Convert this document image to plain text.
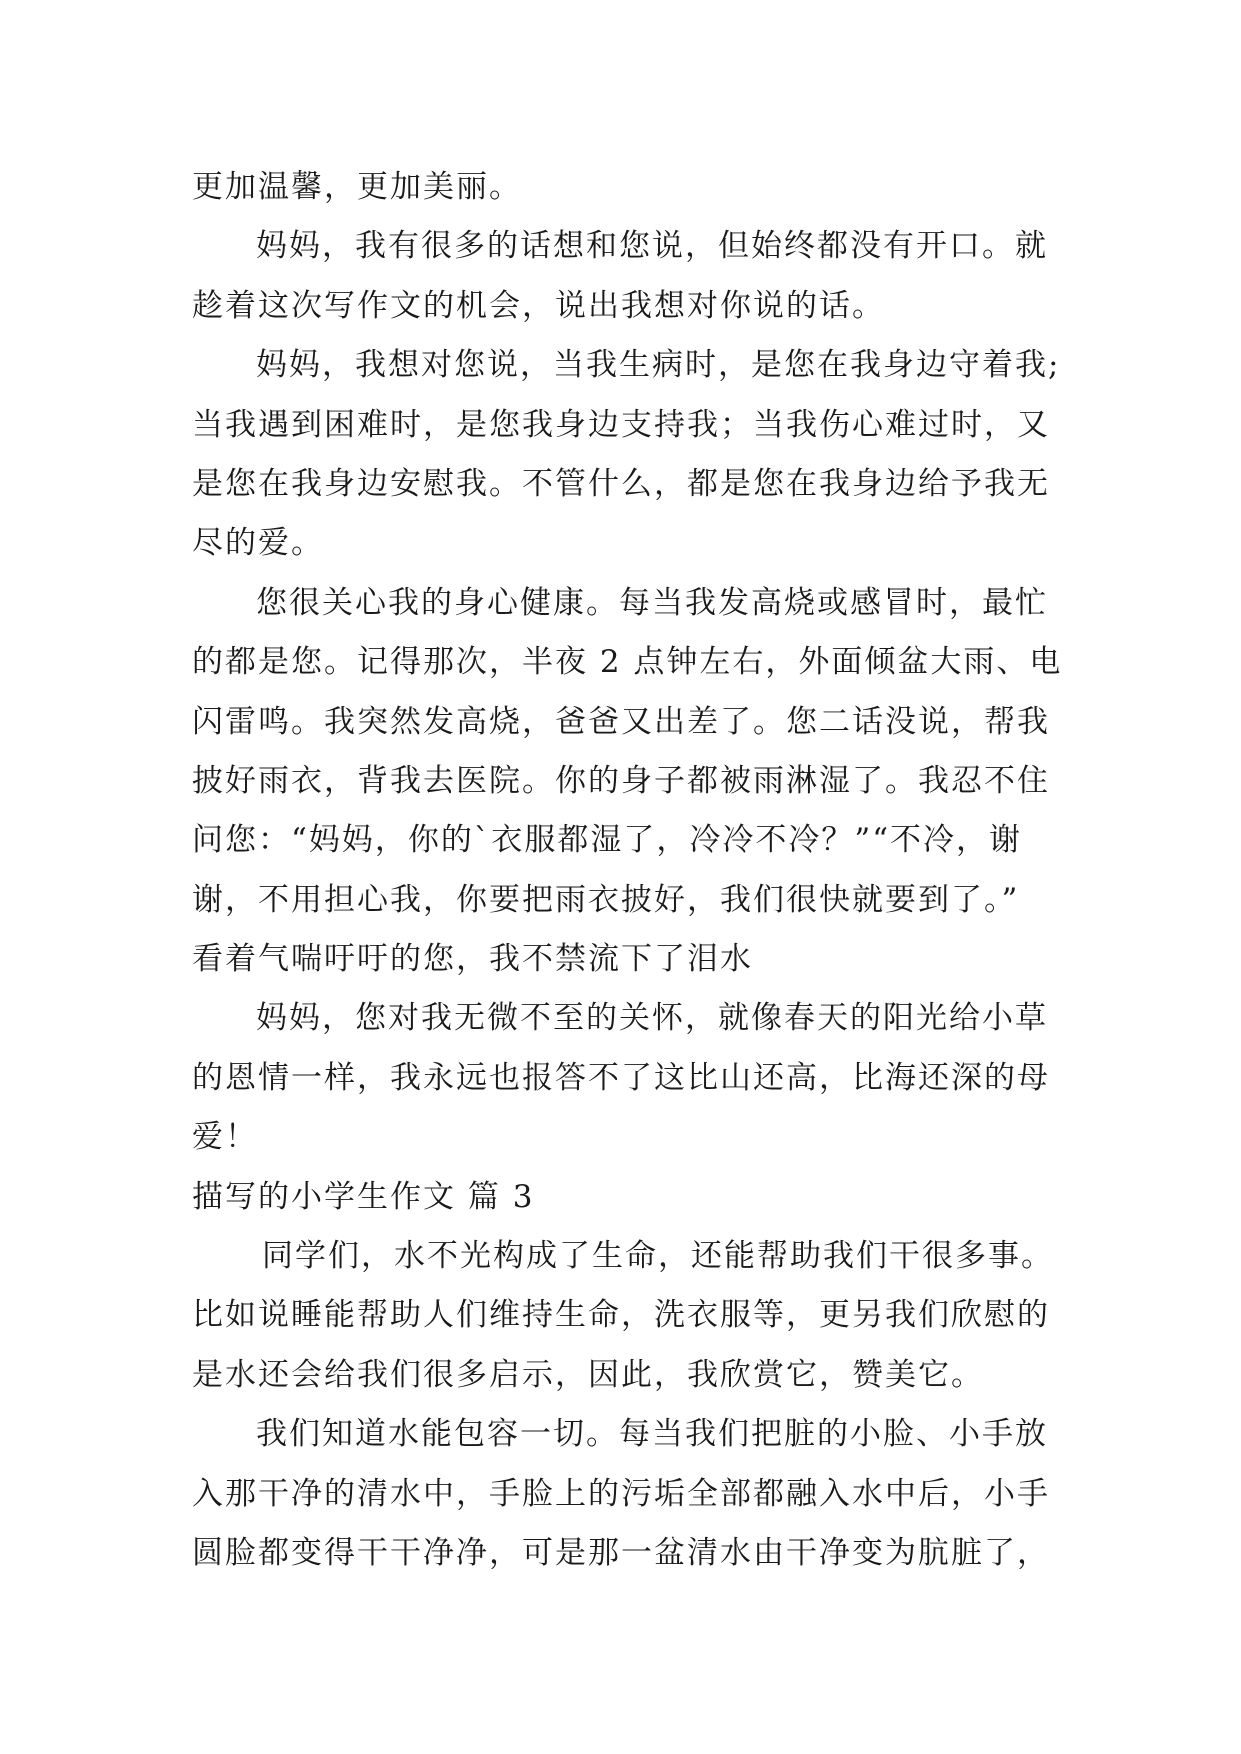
更加温馨，更加美丽。
妈妈，我有很多的话想和您说，但始终都没有开口。就
趁着这次写作文的机会，说出我想对你说的话。
妈妈，我想对您说，当我生病时，是您在我身边守着我;
当我遇到困难时，是您我身边支持我；当我伤心难过时，又
是您在我身边安慰我。不管什么，都是您在我身边给予我无
尽的爱。
您很关心我的身心健康。每当我发高烧或感冒时，最忙
的都是您。记得那次，半夜 2 点钟左右，外面倾盆大雨、电
闪雷鸣。我突然发高烧，爸爸又出差了。您二话没说，帮我
披好雨衣，背我去医院。你的身子都被雨淋湿了。我忍不住
问您：“妈妈，你的`衣服都湿了，冷冷不冷？”“不冷，谢
谢，不用担心我，你要把雨衣披好，我们很快就要到了。”
看着气喘吁吁的您，我不禁流下了泪水
妈妈，您对我无微不至的关怀，就像春天的阳光给小草
的恩情一样，我永远也报答不了这比山还高，比海还深的母
爱！
描写的小学生作文 篇 3
同学们，水不光构成了生命，还能帮助我们干很多事。
比如说睡能帮助人们维持生命，洗衣服等，更另我们欣慰的
是水还会给我们很多启示，因此，我欣赏它，赞美它。
我们知道水能包容一切。每当我们把脏的小脸、小手放
入那干净的清水中，手脸上的污垢全部都融入水中后，小手
圆脸都变得干干净净，可是那一盆清水由干净变为肮脏了，
